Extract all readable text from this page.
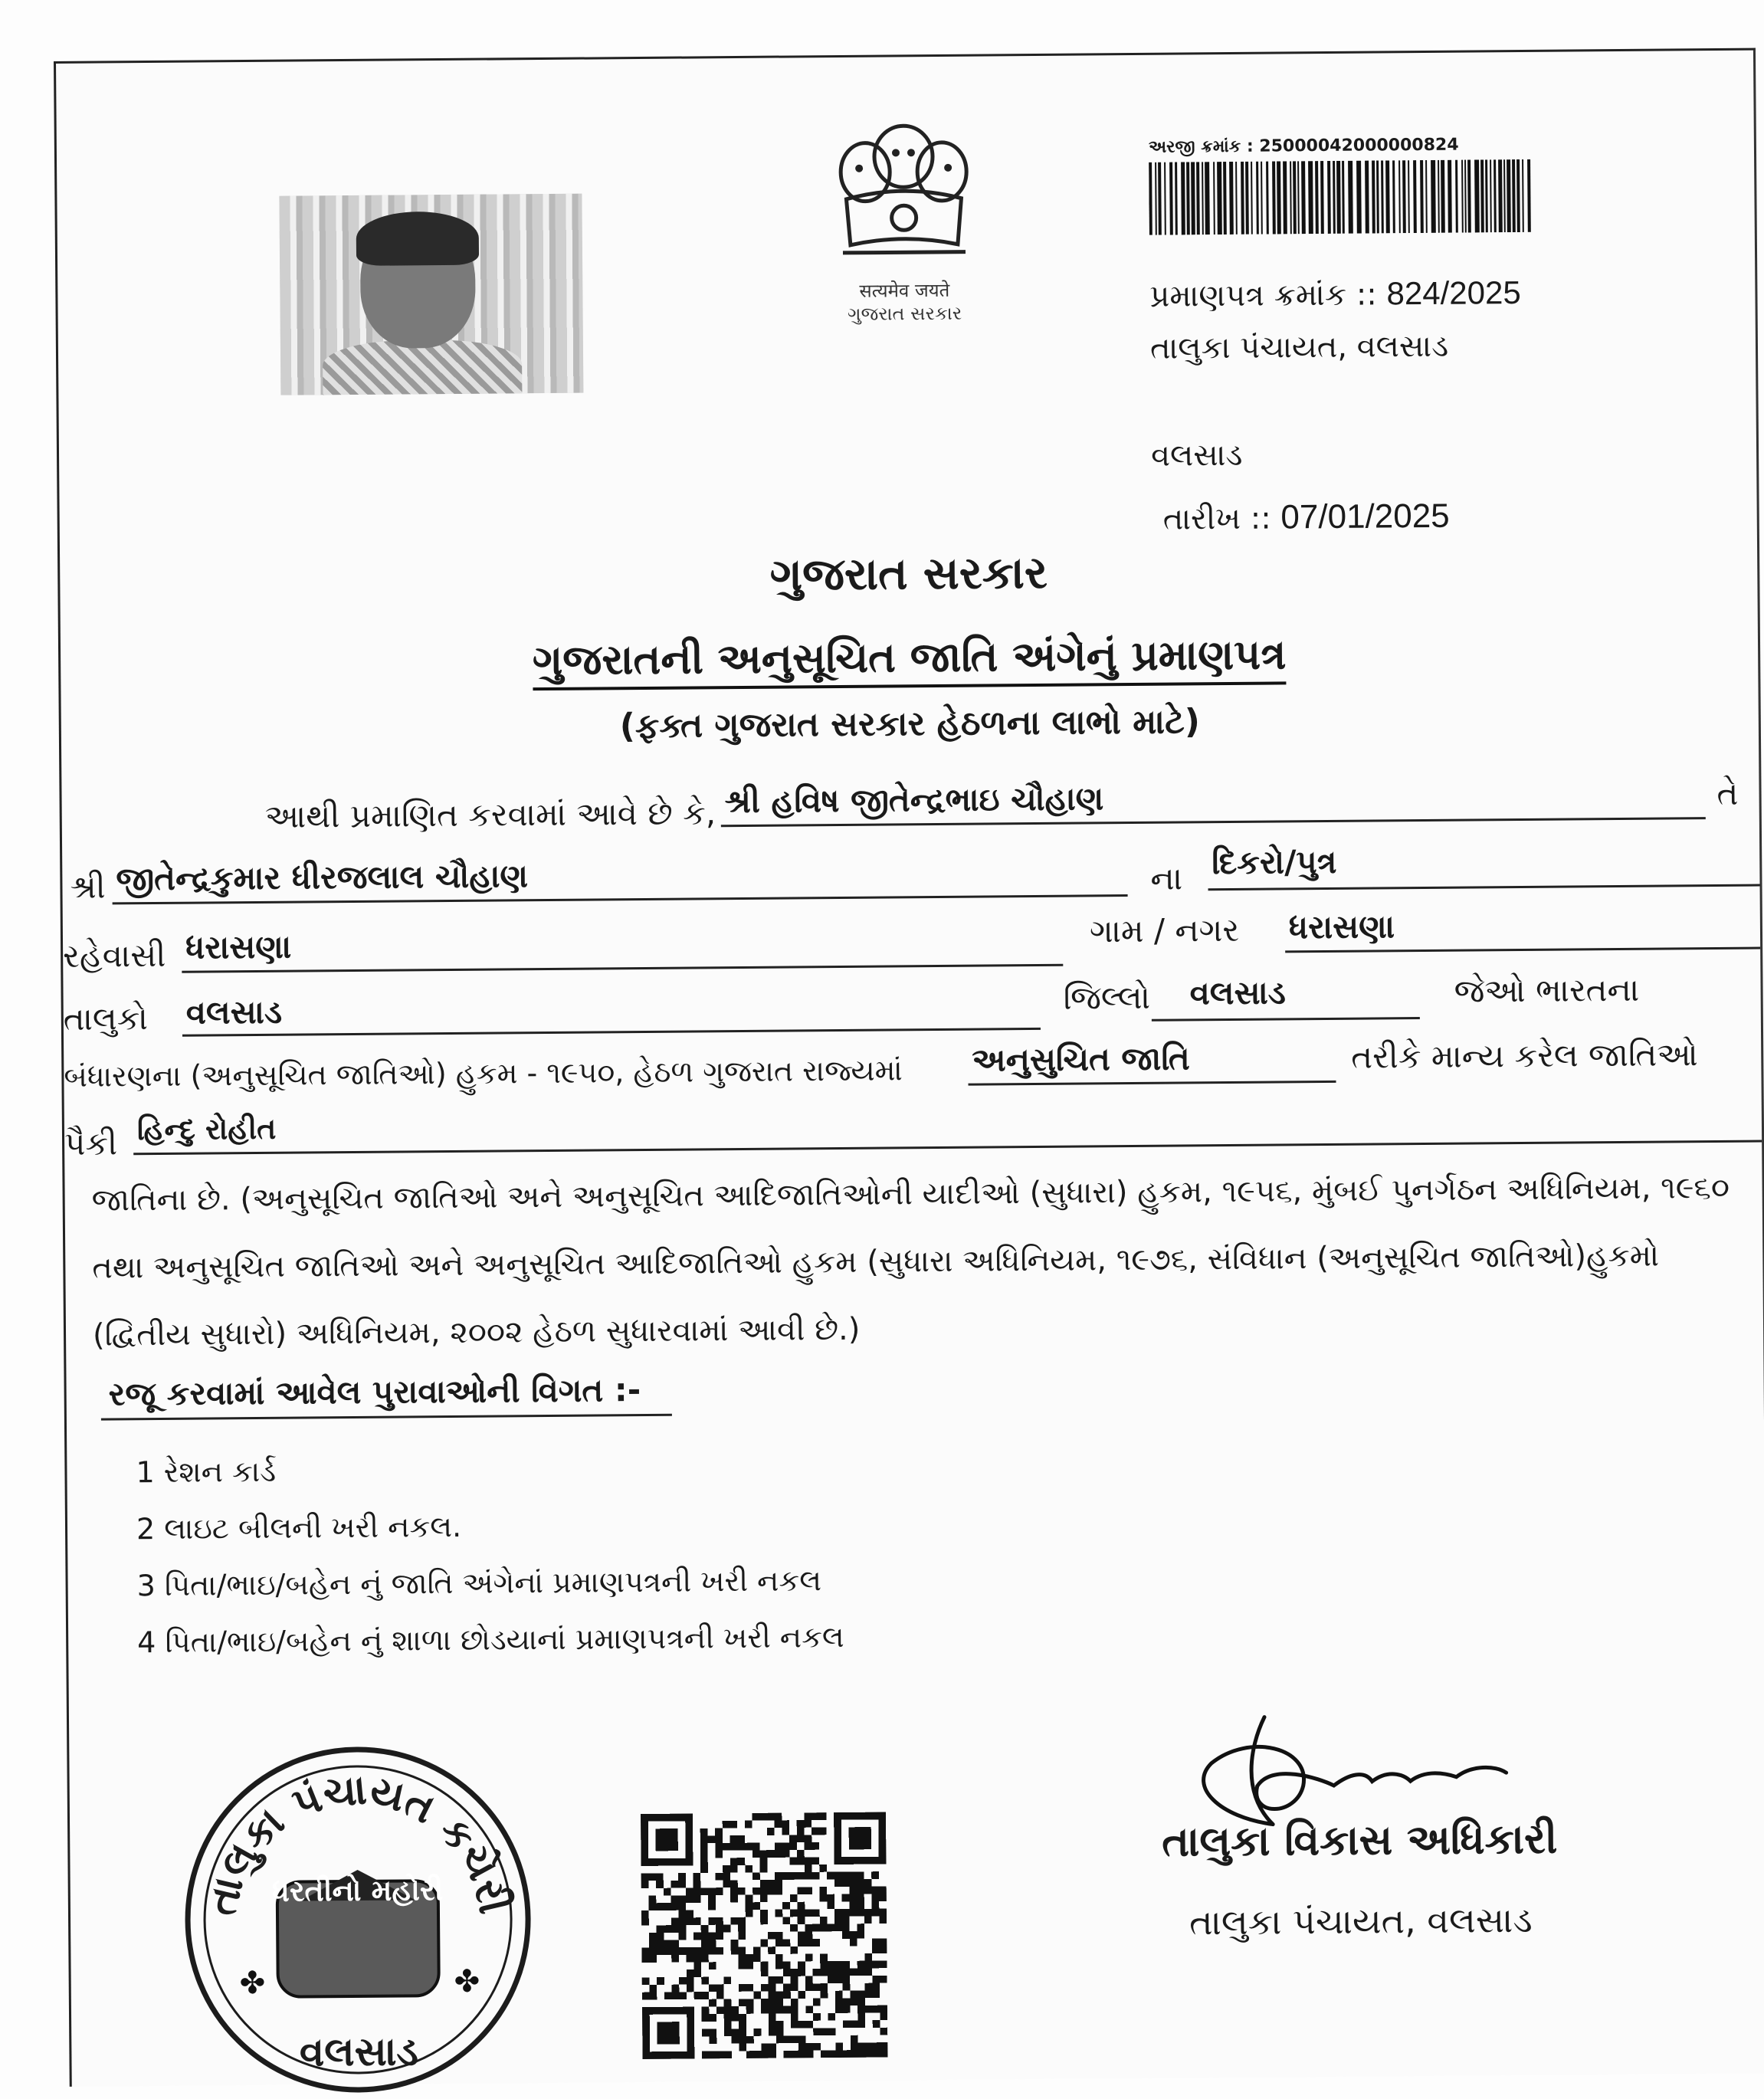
सत्यमेव जयते
ગુજરાત સરકાર
અરજી ક્રમાંક : 25000042000000824
પ્રમાણપત્ર ક્રમાંક :: 824/2025
તાલુકા પંચાયત, વલસાડ
વલસાડ
તારીખ :: 07/01/2025
ગુજરાત સરકાર
ગુજરાતની અનુસૂચિત જાતિ અંગેનું પ્રમાણપત્ર
(ફક્ત ગુજરાત સરકાર હેઠળના લાભો માટે)
આથી પ્રમાણિત કરવામાં આવે છે કે, શ્રી હવિષ જીતેન્દ્રભાઇ ચૌહાણ	તે
શ્રી જીતેન્દ્રકુમાર ધીરજલાલ ચૌહાણ	ના દિકરો/પુત્ર
રહેવાસી ધરાસણા	ગામ / નગર ધરાસણા
તાલુકો વલસાડ	જિલ્લો વલસાડ	જેઓ ભારતના
બંધારણના (અનુસૂચિત જાતિઓ) હુકમ - ૧૯૫૦, હેઠળ ગુજરાત રાજ્યમાં અનુસુચિત જાતિ	તરીકે માન્ય કરેલ જાતિઓ
પૈકી હિન્દુ રોહીત
જાતિના છે. (અનુસૂચિત જાતિઓ અને અનુસૂચિત આદિજાતિઓની યાદીઓ (સુધારા) હુકમ, ૧૯૫૬, મુંબઈ પુનર્ગઠન અધિનિયમ, ૧૯૬૦ તથા અનુસૂચિત જાતિઓ અને અનુસૂચિત આદિજાતિઓ હુકમ (સુધારા અધિનિયમ, ૧૯૭૬, સંવિધાન (અનુસૂચિત જાતિઓ)હુકમો (દ્વિતીય સુધારો) અધિનિયમ, ૨૦૦૨ હેઠળ સુધારવામાં આવી છે.)
રજૂ કરવામાં આવેલ પુરાવાઓની વિગત :-
1 રેશન કાર્ડ
2 લાઇટ બીલની ખરી નકલ.
3 પિતા/ભાઇ/બહેન નું જાતિ અંગેનાં પ્રમાણપત્રની ખરી નકલ
4 પિતા/ભાઇ/બહેન નું શાળા છોડયાનાં પ્રમાણપત્રની ખરી નકલ
તાલુકા પંચાયત કચેરી
ધરતીનો મહોરી
✤	✤
વલસાડ
તાલુકા વિકાસ અધિકારી
તાલુકા પંચાયત, વલસાડ
